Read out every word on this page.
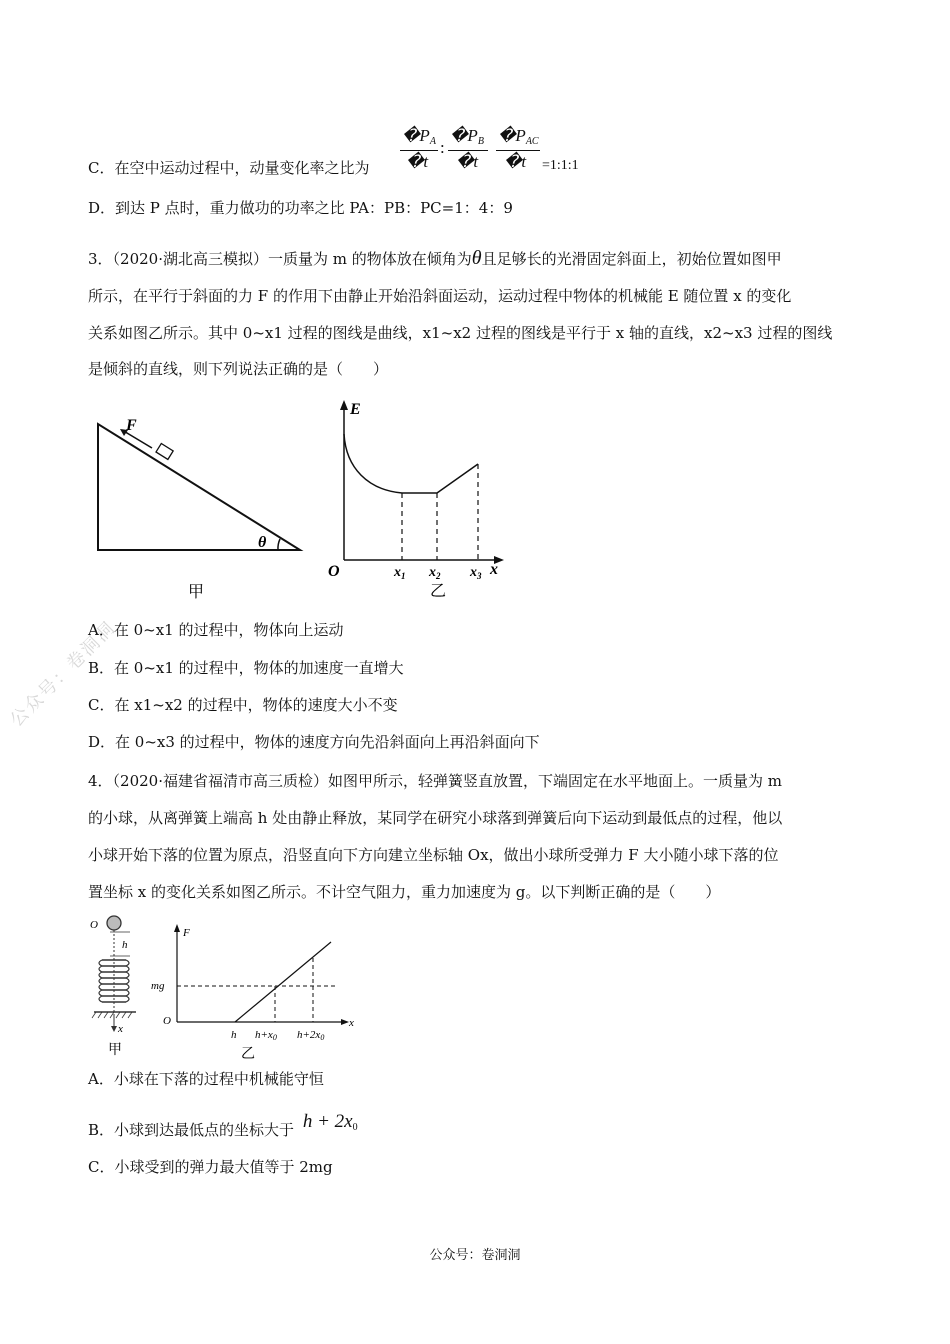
公众号：卷洞洞
C．在空中运动过程中，动量变化率之比为
$�P_A$
�t
:
$�P_B$
�t
$�P_{AC}$
�t =1:1:1
D．到达 P 点时，重力做功的功率之比 PA：PB：PC=1：4：9
3．（2020·湖北高三模拟）一质量为 m 的物体放在倾角为θ且足够长的光滑固定斜面上，初始位置如图甲
所示，在平行于斜面的力 F 的作用下由静止开始沿斜面运动，运动过程中物体的机械能 E 随位置 x 的变化
关系如图乙所示。其中 0~x1 过程的图线是曲线，x1~x2 过程的图线是平行于 x 轴的直线，x2~x3 过程的图线
是倾斜的直线，则下列说法正确的是（　　）
F
θ
甲
E
x
O	$x_1$ $x_2$ $x_3$
乙
A．在 0~x1 的过程中，物体向上运动
B．在 0~x1 的过程中，物体的加速度一直增大
C．在 x1~x2 的过程中，物体的速度大小不变
D．在 0~x3 的过程中，物体的速度方向先沿斜面向上再沿斜面向下
4．（2020·福建省福清市高三质检）如图甲所示，轻弹簧竖直放置，下端固定在水平地面上。一质量为 m
的小球，从离弹簧上端高 h 处由静止释放，某同学在研究小球落到弹簧后向下运动到最低点的过程，他以
小球开始下落的位置为原点，沿竖直向下方向建立坐标轴 Ox，做出小球所受弹力 F 大小随小球下落的位
置坐标 x 的变化关系如图乙所示。不计空气阻力，重力加速度为 g。以下判断正确的是（　　）
O
h
x
甲
F
x
O
mg
h h+x0 h+2x0
乙
A．小球在下落的过程中机械能守恒
B．小球到达最低点的坐标大于 $h + 2x_0$
C．小球受到的弹力最大值等于 2mg
公众号：卷洞洞
